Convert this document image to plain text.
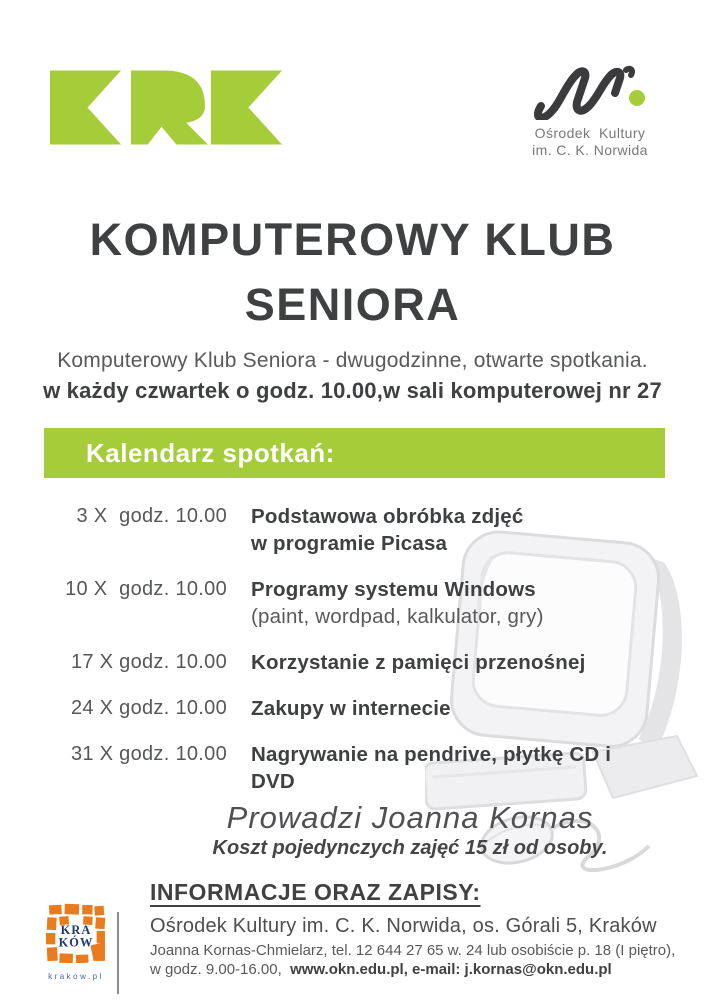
Ośrodek  Kultury
im. C. K. Norwida
KOMPUTEROWY KLUB
SENIORA
Komputerowy Klub Seniora - dwugodzinne, otwarte spotkania.
w każdy czwartek o godz. 10.00,w sali komputerowej nr 27
Kalendarz spotkań:
3 X  godz. 10.00 Podstawowa obróbka zdjęć
w programie Picasa
10 X  godz. 10.00 Programy systemu Windows
(paint, wordpad, kalkulator, gry)
17 X godz. 10.00 Korzystanie z pamięci przenośnej
24 X godz. 10.00 Zakupy w internecie
31 X godz. 10.00 Nagrywanie na pendrive, płytkę CD i DVD
Prowadzi Joanna Kornas
Koszt pojedynczych zajęć 15 zł od osoby.
KRA
KÓW
krakow.pl
INFORMACJE ORAZ ZAPISY:
Ośrodek Kultury im. C. K. Norwida, os. Górali 5, Kraków
Joanna Kornas-Chmielarz, tel. 12 644 27 65 w. 24 lub osobiście p. 18 (I piętro),
w godz. 9.00-16.00,  www.okn.edu.pl, e-mail: j.kornas@okn.edu.pl
